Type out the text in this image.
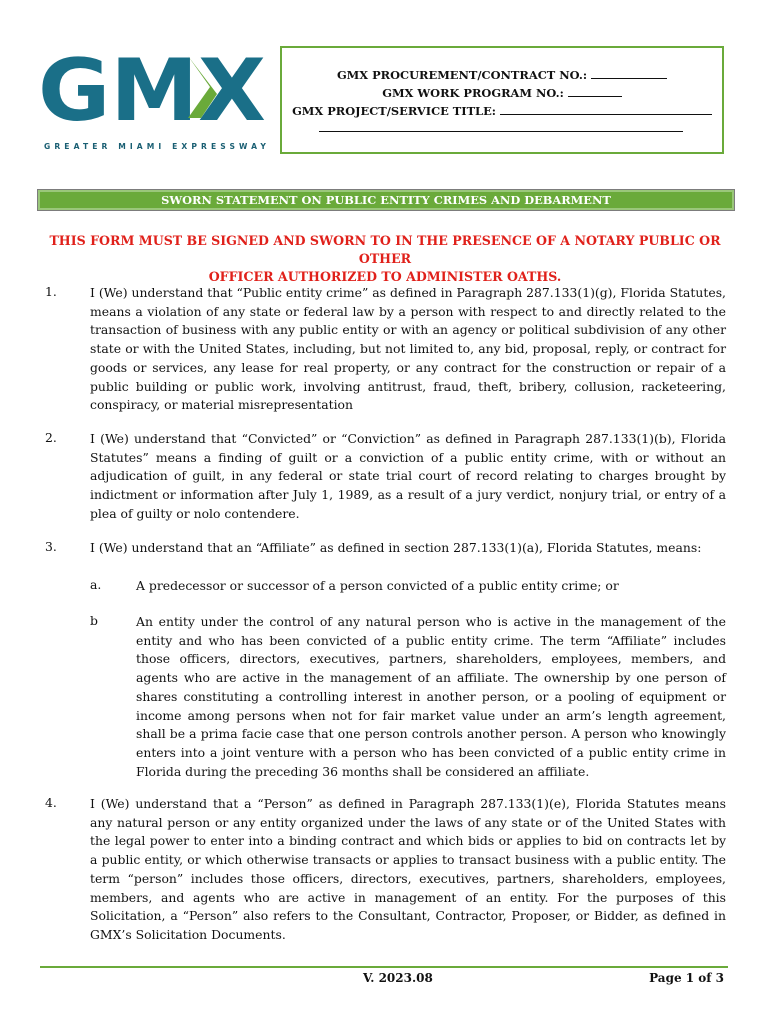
GMX
GREATER MIAMI EXPRESSWAY
GMX PROCUREMENT/CONTRACT NO.:
GMX WORK PROGRAM NO.:
GMX PROJECT/SERVICE TITLE:
SWORN STATEMENT ON PUBLIC ENTITY CRIMES AND DEBARMENT
THIS FORM MUST BE SIGNED AND SWORN TO IN THE PRESENCE OF A NOTARY PUBLIC OR OTHER
OFFICER AUTHORIZED TO ADMINISTER OATHS.
1.	I (We) understand that “Public entity crime” as defined in Paragraph 287.133(1)(g), Florida Statutes, means a violation of any state or federal law by a person with respect to and directly related to the transaction of business with any public entity or with an agency or political subdivision of any other state or with the United States, including, but not limited to, any bid, proposal, reply, or contract for goods or services, any lease for real property, or any contract for the construction or repair of a public building or public work, involving antitrust, fraud, theft, bribery, collusion, racketeering, conspiracy, or material misrepresentation
2.	I (We) understand that “Convicted” or “Conviction” as defined in Paragraph 287.133(1)(b), Florida Statutes” means a finding of guilt or a conviction of a public entity crime, with or without an adjudication of guilt, in any federal or state trial court of record relating to charges brought by indictment or information after July 1, 1989, as a result of a jury verdict, nonjury trial, or entry of a plea of guilty or nolo contendere.
3.	I (We) understand that an “Affiliate” as defined in section 287.133(1)(a), Florida Statutes, means:
a.	A predecessor or successor of a person convicted of a public entity crime; or
b	An entity under the control of any natural person who is active in the management of the entity and who has been convicted of a public entity crime. The term “Affiliate” includes those officers, directors, executives, partners, shareholders, employees, members, and agents who are active in the management of an affiliate. The ownership by one person of shares constituting a controlling interest in another person, or a pooling of equipment or income among persons when not for fair market value under an arm’s length agreement, shall be a prima facie case that one person controls another person. A person who knowingly enters into a joint venture with a person who has been convicted of a public entity crime in Florida during the preceding 36 months shall be considered an affiliate.
4.	I (We) understand that a “Person” as defined in Paragraph 287.133(1)(e), Florida Statutes means any natural person or any entity organized under the laws of any state or of the United States with the legal power to enter into a binding contract and which bids or applies to bid on contracts let by a public entity, or which otherwise transacts or applies to transact business with a public entity. The term “person” includes those officers, directors, executives, partners, shareholders, employees, members, and agents who are active in management of an entity. For the purposes of this Solicitation, a “Person” also refers to the Consultant, Contractor, Proposer, or Bidder, as defined in GMX’s Solicitation Documents.
V. 2023.08	Page 1 of 3
